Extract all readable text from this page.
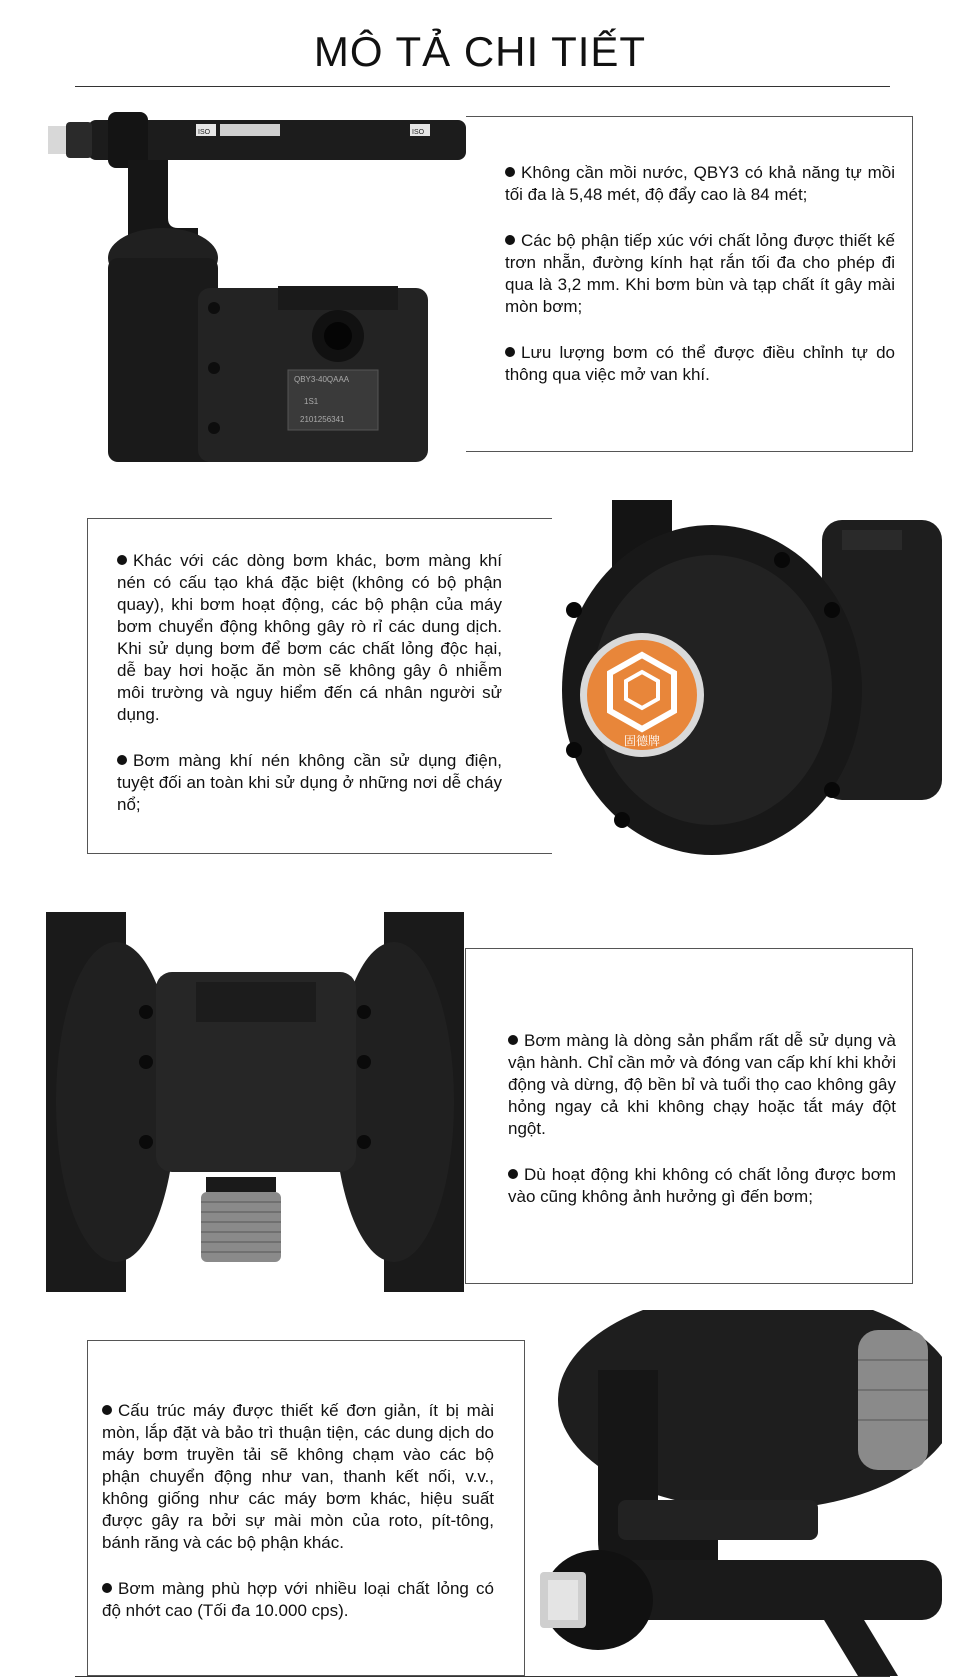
MÔ TẢ CHI TIẾT
ISO	ISO
QBY3-40QAAA
1S1
2101256341

Không cần mồi nước, QBY3 có khả năng tự mồi tối đa là 5,48 mét, độ đẩy cao là 84 mét;

Các bộ phận tiếp xúc với chất lỏng được thiết kế trơn nhẵn, đường kính hạt rắn tối đa cho phép đi qua là 3,2 mm. Khi bơm bùn và tạp chất ít gây mài mòn bơm;

Lưu lượng bơm có thể được điều chỉnh tự do thông qua việc mở van khí.

Khác với các dòng bơm khác, bơm màng khí nén có cấu tạo khá đặc biệt (không có bộ phận quay), khi bơm hoạt động, các bộ phận của máy bơm chuyển động không gây rò rỉ các dung dịch. Khi sử dụng bơm để bơm các chất lỏng độc hại, dễ bay hơi hoặc ăn mòn sẽ không gây ô nhiễm môi trường và nguy hiểm đến cá nhân người sử dụng.

Bơm màng khí nén không cần sử dụng điện, tuyệt đối an toàn khi sử dụng ở những nơi dễ cháy nổ;

固德牌

Bơm màng là dòng sản phẩm rất dễ sử dụng và vận hành. Chỉ cần mở và đóng van cấp khí khi khởi động và dừng, độ bền bỉ và tuổi thọ cao không gây hỏng ngay cả khi không chạy hoặc tắt máy đột ngột.

Dù hoạt động khi không có chất lỏng được bơm vào cũng không ảnh hưởng gì đến bơm;

Cấu trúc máy được thiết kế đơn giản, ít bị mài mòn, lắp đặt và bảo trì thuận tiện, các dung dịch do máy bơm truyền tải sẽ không chạm vào các bộ phận chuyển động như van, thanh kết nối, v.v., không giống như các máy bơm khác, hiệu suất được gây ra bởi sự mài mòn của roto, pít-tông, bánh răng và các bộ phận khác.

Bơm màng phù hợp với nhiều loại chất lỏng có độ nhớt cao (Tối đa 10.000 cps).
